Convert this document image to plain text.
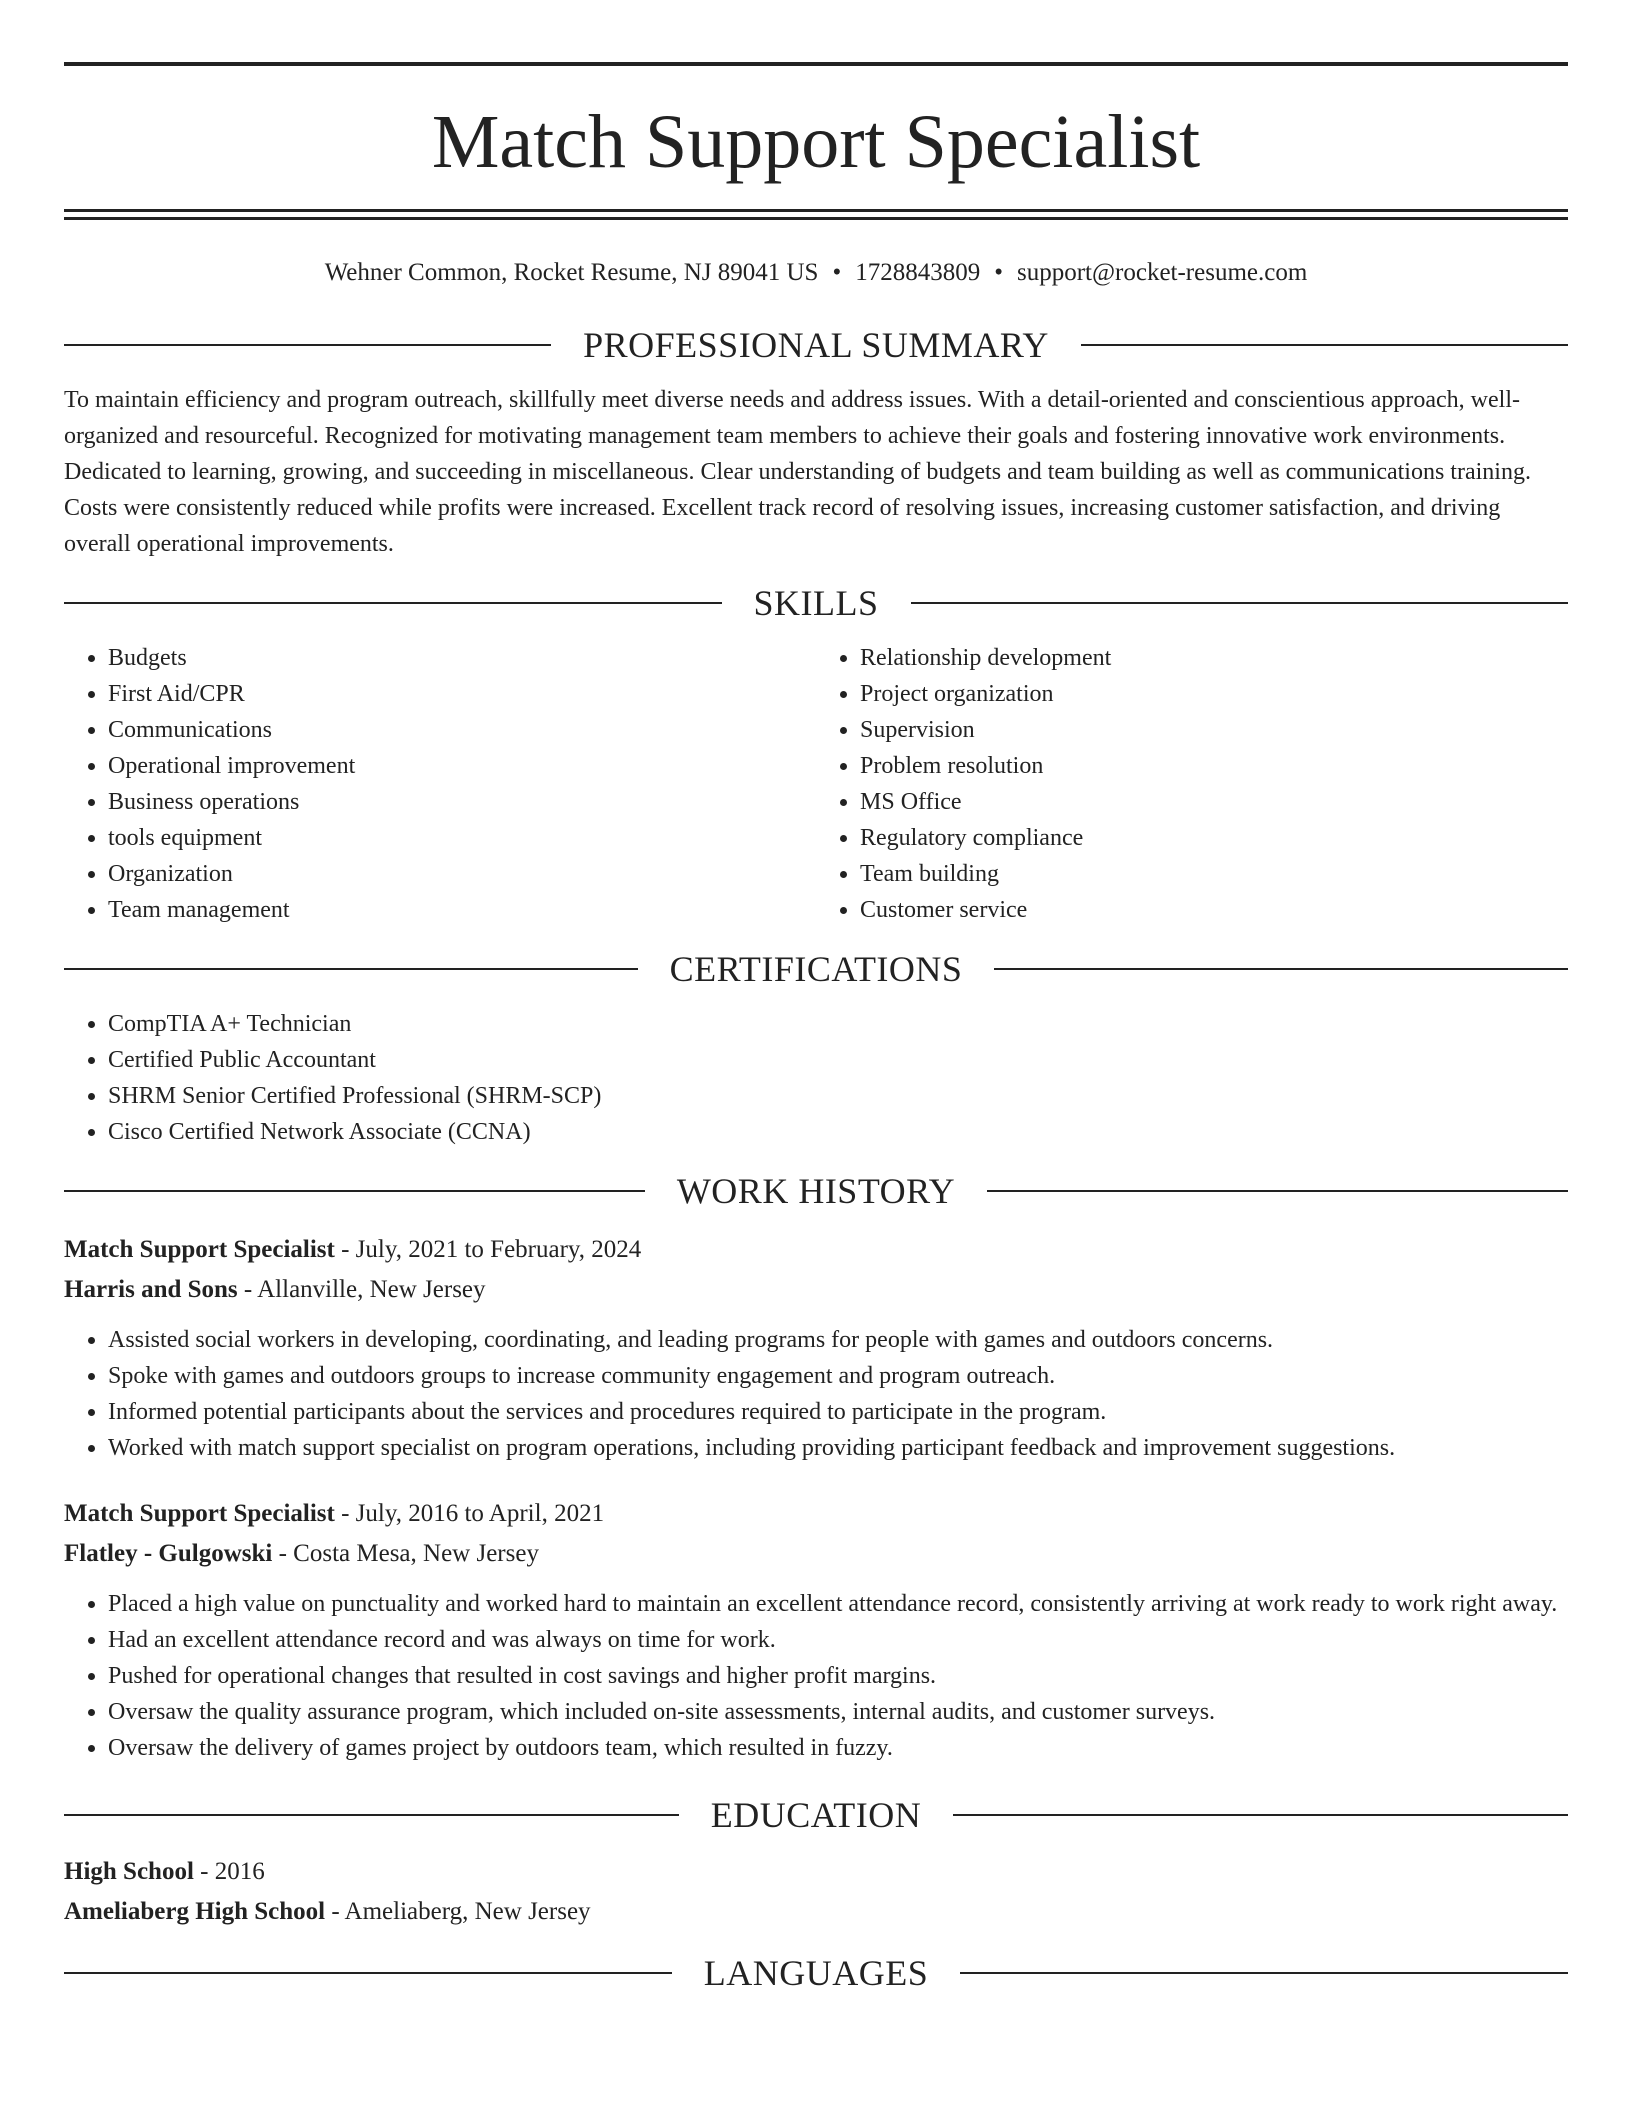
Match Support Specialist
Wehner Common, Rocket Resume, NJ 89041 US • 1728843809 • support@rocket-resume.com
PROFESSIONAL SUMMARY

To maintain efficiency and program outreach, skillfully meet diverse needs and address issues. With a detail-oriented and conscientious approach, well-organized and resourceful. Recognized for motivating management team members to achieve their goals and fostering innovative work environments. Dedicated to learning, growing, and succeeding in miscellaneous. Clear understanding of budgets and team building as well as communications training. Costs were consistently reduced while profits were increased. Excellent track record of resolving issues, increasing customer satisfaction, and driving overall operational improvements.

SKILLS
• Budgets
• First Aid/CPR
• Communications
• Operational improvement
• Business operations
• tools equipment
• Organization
• Team management
• Relationship development
• Project organization
• Supervision
• Problem resolution
• MS Office
• Regulatory compliance
• Team building
• Customer service
CERTIFICATIONS
• CompTIA A+ Technician
• Certified Public Accountant
• SHRM Senior Certified Professional (SHRM-SCP)
• Cisco Certified Network Associate (CCNA)
WORK HISTORY
Match Support Specialist - July, 2021 to February, 2024
Harris and Sons - Allanville, New Jersey
• Assisted social workers in developing, coordinating, and leading programs for people with games and outdoors concerns.
• Spoke with games and outdoors groups to increase community engagement and program outreach.
• Informed potential participants about the services and procedures required to participate in the program.
• Worked with match support specialist on program operations, including providing participant feedback and improvement suggestions.
Match Support Specialist - July, 2016 to April, 2021
Flatley - Gulgowski - Costa Mesa, New Jersey
• Placed a high value on punctuality and worked hard to maintain an excellent attendance record, consistently arriving at work ready to work right away.
• Had an excellent attendance record and was always on time for work.
• Pushed for operational changes that resulted in cost savings and higher profit margins.
• Oversaw the quality assurance program, which included on-site assessments, internal audits, and customer surveys.
• Oversaw the delivery of games project by outdoors team, which resulted in fuzzy.
EDUCATION
High School - 2016
Ameliaberg High School - Ameliaberg, New Jersey
LANGUAGES
